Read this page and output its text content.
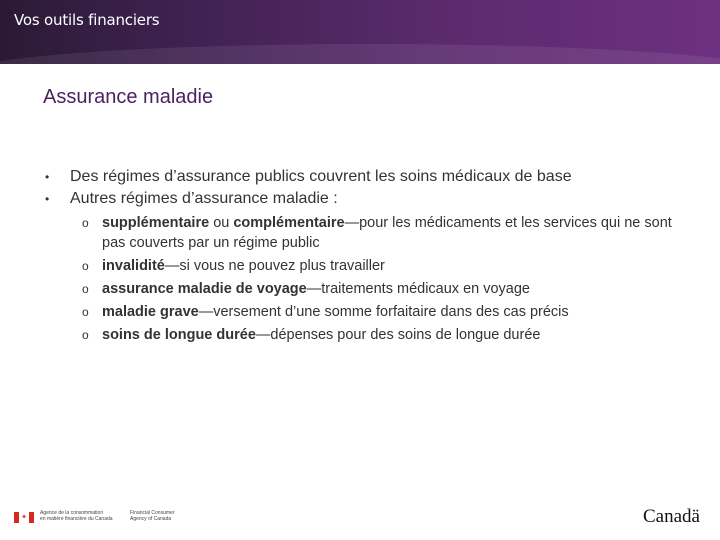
Vos outils financiers
Assurance maladie
•	Des régimes d’assurance publics couvrent les soins médicaux de base
•	Autres régimes d’assurance maladie :
o supplémentaire ou complémentaire—pour les médicaments et les services qui ne sont pas couverts par un régime public
o invalidité—si vous ne pouvez plus travailler
o assurance maladie de voyage—traitements médicaux en voyage
o maladie grave—versement d’une somme forfaitaire dans des cas précis
o soins de longue durée—dépenses pour des soins de longue durée
✦
Agence de la consommation
en matière financière du Canada
Financial Consumer
Agency of Canada	Canadä
